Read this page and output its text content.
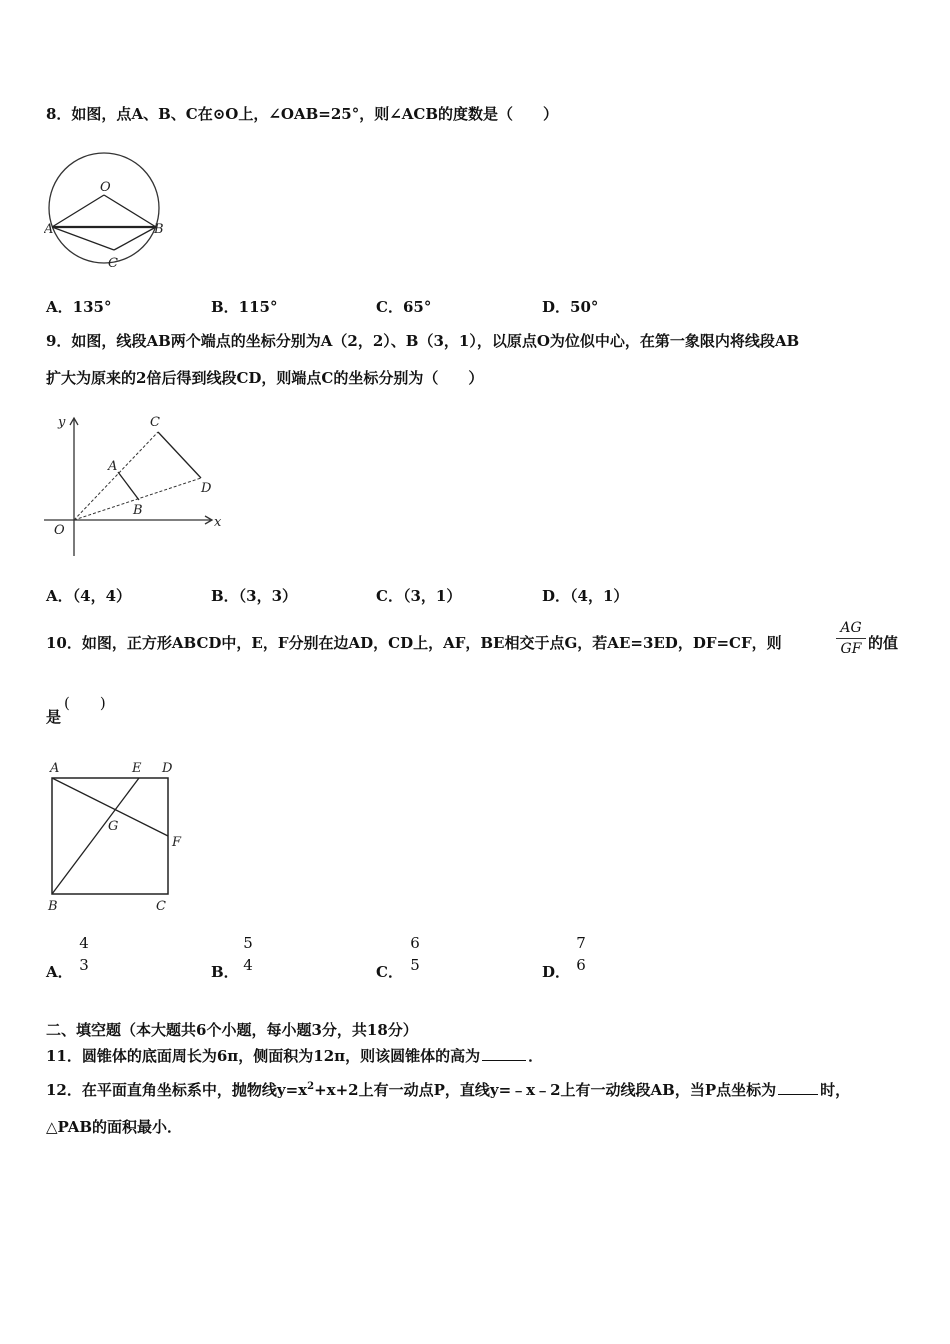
8．如图，点A、B、C在⊙O上，∠OAB=25°，则∠ACB的度数是（　　）
O
A	B
C
A．135°	B．115°	C．65°	D．50°
9．如图，线段AB两个端点的坐标分别为A（2，2）、B（3，1），以原点O为位似中心，在第一象限内将线段AB
扩大为原来的2倍后得到线段CD，则端点C的坐标分别为（　　）
y
x
O
A
B
C
D
A．（4，4）	B．（3，3）	C．（3，1）	D．（4，1）
10．如图，正方形ABCD中，E，F分别在边AD，CD上，AF，BE相交于点G，若AE=3ED，DF=CF，则
AG
GF 的值
是
(　　)
A	E D
G
F
B	C
A．
4
3	B．
5
4	C．
6
5	D．
7
6
二、填空题（本大题共6个小题，每小题3分，共18分）
11．圆锥体的底面周长为6π，侧面积为12π，则该圆锥体的高为	．
12．在平面直角坐标系中，抛物线$y=x^2+x+2$上有一动点P，直线y=﹣x﹣2上有一动线段AB，当P点坐标为	时，
△PAB的面积最小．
